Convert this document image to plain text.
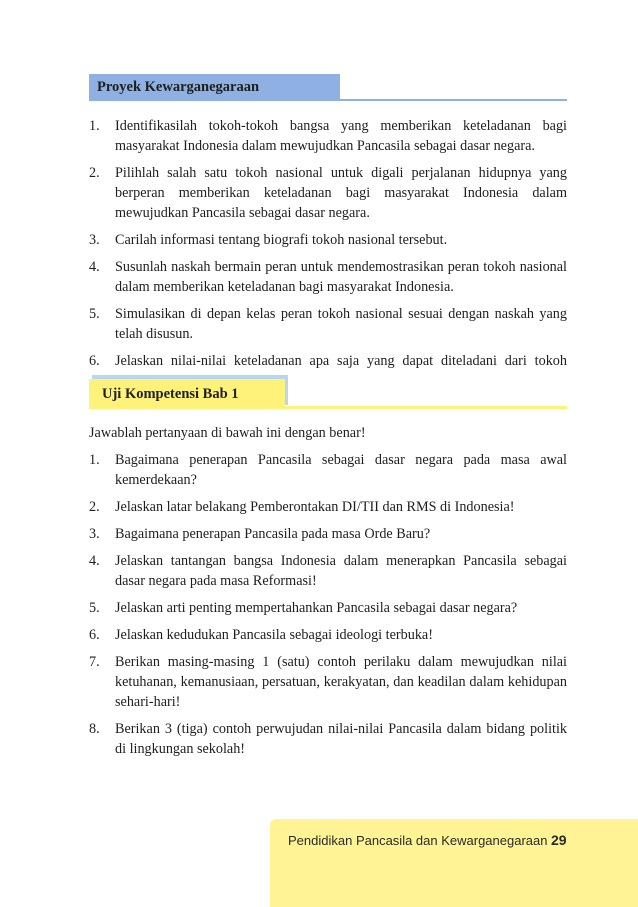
Proyek Kewarganegaraan
1. Identifikasilah tokoh-tokoh bangsa yang memberikan keteladanan bagi masyarakat Indonesia dalam mewujudkan Pancasila sebagai dasar negara.
2. Pilihlah salah satu tokoh nasional untuk digali perjalanan hidupnya yang berperan memberikan keteladanan bagi masyarakat Indonesia dalam mewujudkan Pancasila sebagai dasar negara.
3. Carilah informasi tentang biografi tokoh nasional tersebut.
4. Susunlah naskah bermain peran untuk mendemostrasikan peran tokoh nasional dalam memberikan keteladanan bagi masyarakat Indonesia.
5. Simulasikan di depan kelas peran tokoh nasional sesuai dengan naskah yang telah disusun.
6. Jelaskan nilai-nilai keteladanan apa saja yang dapat diteladani dari tokoh
Uji Kompetensi Bab 1
Jawablah pertanyaan di bawah ini dengan benar!
1. Bagaimana penerapan Pancasila sebagai dasar negara pada masa awal kemerdekaan?
2. Jelaskan latar belakang Pemberontakan DI/TII dan RMS di Indonesia!
3. Bagaimana penerapan Pancasila pada masa Orde Baru?
4. Jelaskan tantangan bangsa Indonesia dalam menerapkan Pancasila sebagai dasar negara pada masa Reformasi!
5. Jelaskan arti penting mempertahankan Pancasila sebagai dasar negara?
6. Jelaskan kedudukan Pancasila sebagai ideologi terbuka!
7. Berikan masing-masing 1 (satu) contoh perilaku dalam mewujudkan nilai ketuhanan, kemanusiaan, persatuan, kerakyatan, dan keadilan dalam kehidupan sehari-hari!
8. Berikan 3 (tiga) contoh perwujudan nilai-nilai Pancasila dalam bidang politik di lingkungan sekolah!
Pendidikan Pancasila dan Kewarganegaraan 29
